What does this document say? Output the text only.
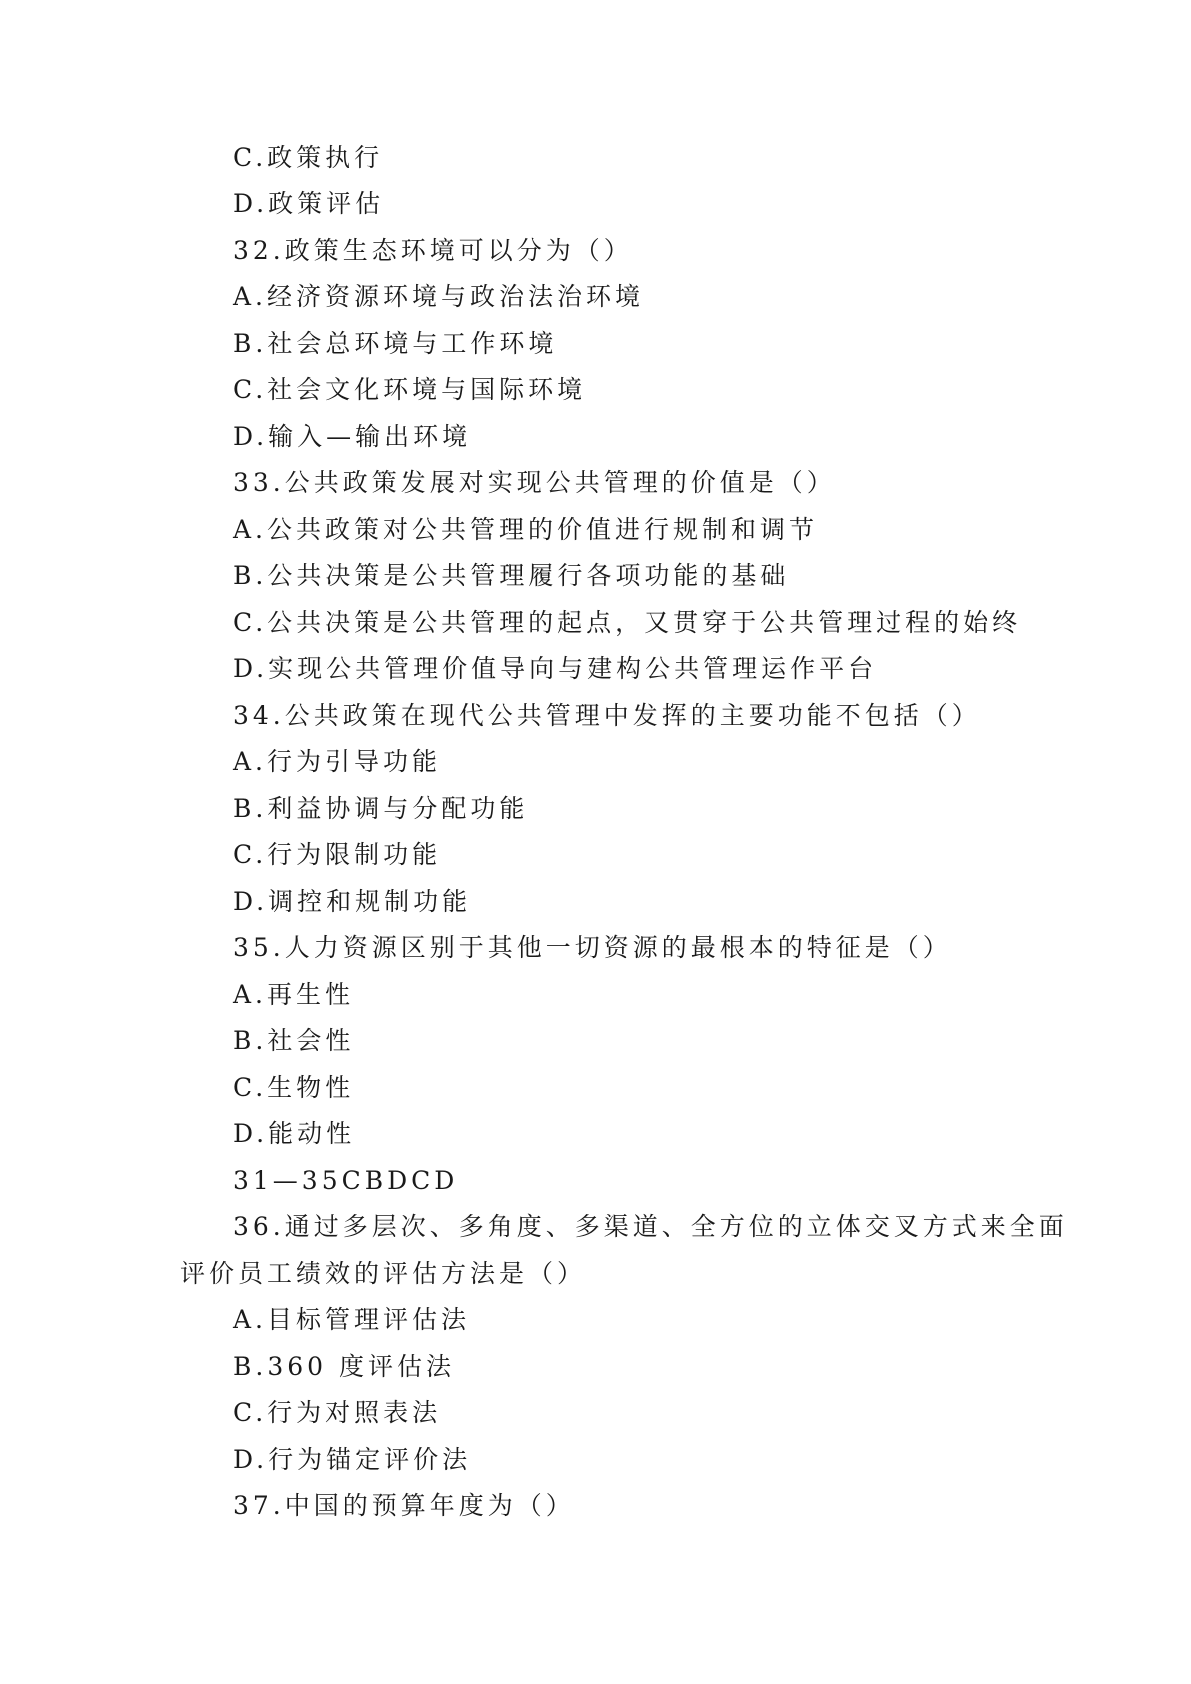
C.政策执行
D.政策评估
32.政策生态环境可以分为（）
A.经济资源环境与政治法治环境
B.社会总环境与工作环境
C.社会文化环境与国际环境
D.输入—输出环境
33.公共政策发展对实现公共管理的价值是（）
A.公共政策对公共管理的价值进行规制和调节
B.公共决策是公共管理履行各项功能的基础
C.公共决策是公共管理的起点，又贯穿于公共管理过程的始终
D.实现公共管理价值导向与建构公共管理运作平台
34.公共政策在现代公共管理中发挥的主要功能不包括（）
A.行为引导功能
B.利益协调与分配功能
C.行为限制功能
D.调控和规制功能
35.人力资源区别于其他一切资源的最根本的特征是（）
A.再生性
B.社会性
C.生物性
D.能动性
31—35CBDCD
36.通过多层次、多角度、多渠道、全方位的立体交叉方式来全面
评价员工绩效的评估方法是（）
A.目标管理评估法
B.360 度评估法
C.行为对照表法
D.行为锚定评价法
37.中国的预算年度为（）
